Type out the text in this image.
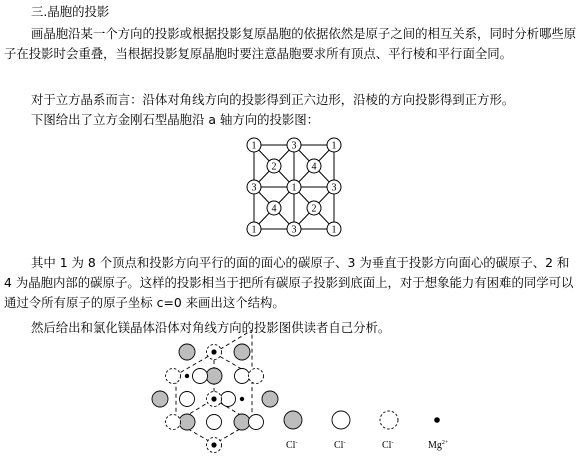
三.晶胞的投影
画晶胞沿某一个方向的投影或根据投影复原晶胞的依据依然是原子之间的相互关系，同时分析哪些原子在投影时会重叠，当根据投影复原晶胞时要注意晶胞要求所有顶点、平行棱和平行面全同。
对于立方晶系而言：沿体对角线方向的投影得到正六边形，沿棱的方向投影得到正方形。
下图给出了立方金刚石型晶胞沿 a 轴方向的投影图：
1	1
1	1
3
3
3	3
1
2	4
4	2
其中 1 为 8 个顶点和投影方向平行的面的面心的碳原子、3 为垂直于投影方向面心的碳原子、2 和 4 为晶胞内部的碳原子。这样的投影相当于把所有碳原子投影到底面上，对于想象能力有困难的同学可以通过令所有原子的原子坐标 c=0 来画出这个结构。
然后给出和氯化镁晶体沿体对角线方向的投影图供读者自己分析。
Cl-	Cl-	Cl-	$Mg^{2+}$
